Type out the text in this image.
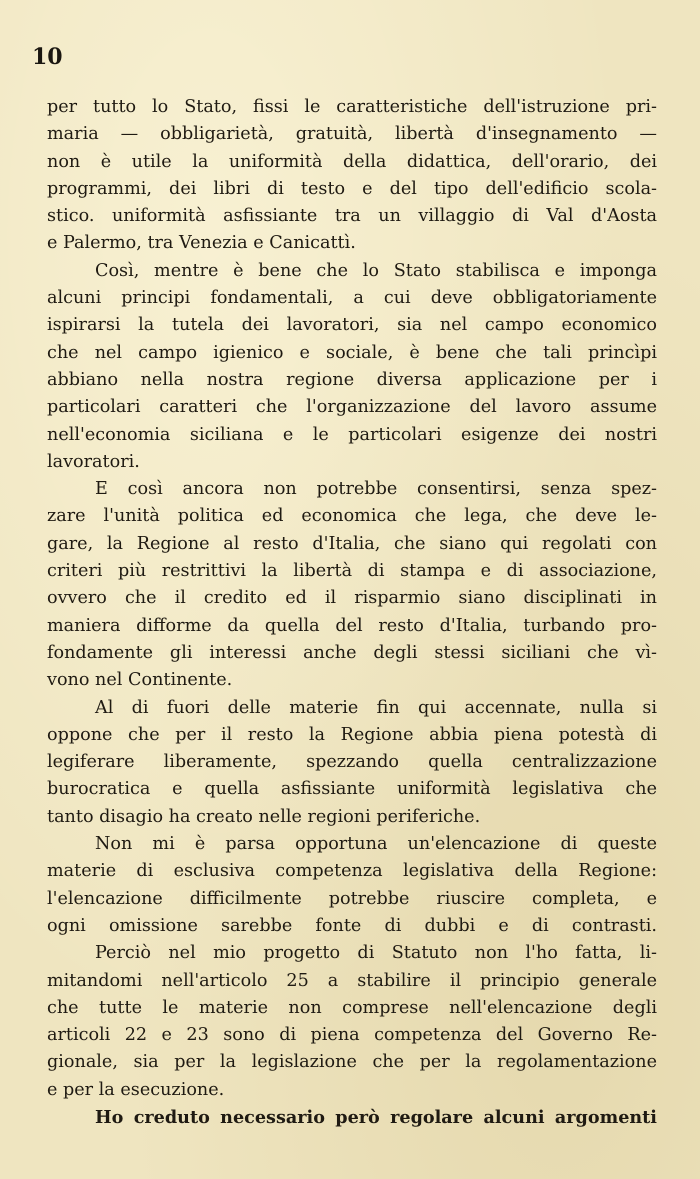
10

per tutto lo Stato, fissi le caratteristiche dell'istruzione pri-
maria — obbligarietà, gratuità, libertà d'insegnamento —
non è utile la uniformità della didattica, dell'orario, dei
programmi, dei libri di testo e del tipo dell'edificio scola-
stico. uniformità asfissiante tra un villaggio di Val d'Aosta
e Palermo, tra Venezia e Canicattì.

Così, mentre è bene che lo Stato stabilisca e imponga
alcuni principi fondamentali, a cui deve obbligatoriamente
ispirarsi la tutela dei lavoratori, sia nel campo economico
che nel campo igienico e sociale, è bene che tali princìpi
abbiano nella nostra regione diversa applicazione per i
particolari caratteri che l'organizzazione del lavoro assume
nell'economia siciliana e le particolari esigenze dei nostri
lavoratori.

E così ancora non potrebbe consentirsi, senza spez-
zare l'unità politica ed economica che lega, che deve le-
gare, la Regione al resto d'Italia, che siano qui regolati con
criteri più restrittivi la libertà di stampa e di associazione,
ovvero che il credito ed il risparmio siano disciplinati in
maniera difforme da quella del resto d'Italia, turbando pro-
fondamente gli interessi anche degli stessi siciliani che vì-
vono nel Continente.

Al di fuori delle materie fin qui accennate, nulla si
oppone che per il resto la Regione abbia piena potestà di
legiferare liberamente, spezzando quella centralizzazione
burocratica e quella asfissiante uniformità legislativa che
tanto disagio ha creato nelle regioni periferiche.

Non mi è parsa opportuna un'elencazione di queste
materie di esclusiva competenza legislativa della Regione:
l'elencazione difficilmente potrebbe riuscire completa, e
ogni omissione sarebbe fonte di dubbi e di contrasti.

Perciò nel mio progetto di Statuto non l'ho fatta, li-
mitandomi nell'articolo 25 a stabilire il principio generale
che tutte le materie non comprese nell'elencazione degli
articoli 22 e 23 sono di piena competenza del Governo Re-
gionale, sia per la legislazione che per la regolamentazione
e per la esecuzione.

Ho creduto necessario però regolare alcuni argomenti
